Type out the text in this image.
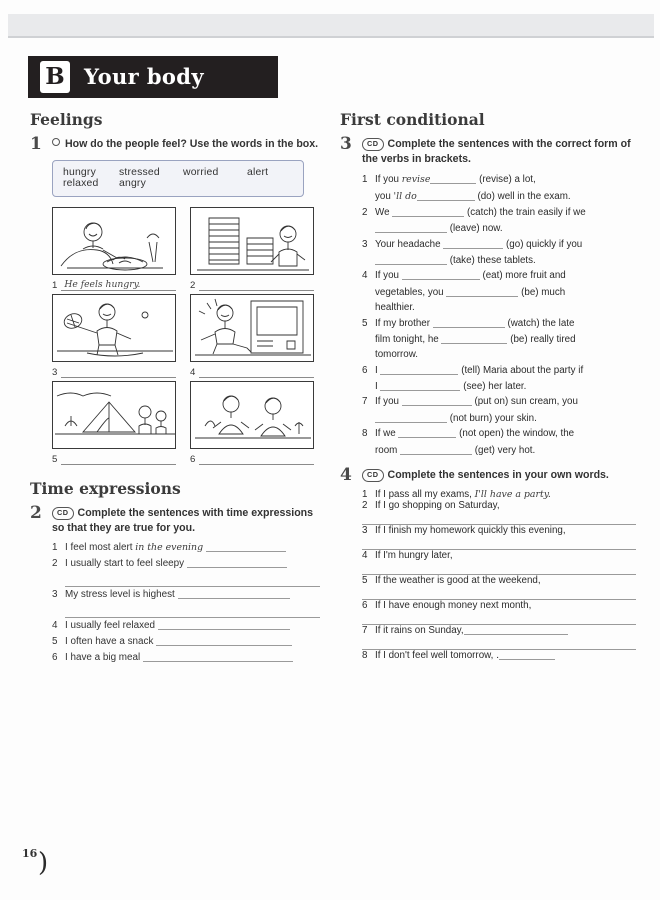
B Your body
Feelings
1	How do the people feel? Use the words in the box.
hungry stressed worried	alert
relaxed angry
1 He feels hungry.	2
3	4
5	6
Time expressions
2	CD Complete the sentences with time expressions so that they are true for you.
1 I feel most alert in the evening
2 I usually start to feel sleepy
3 My stress level is highest
4 I usually feel relaxed
5 I often have a snack
6 I have a big meal
First conditional
3	CD Complete the sentences with the correct form of the verbs in brackets.
1 If you revise	(revise) a lot,
you 'll do	(do) well in the exam.
2 We	(catch) the train easily if we
(leave) now.
3 Your headache	(go) quickly if you
(take) these tablets.
4 If you	(eat) more fruit and
vegetables, you	(be) much
healthier.
5 If my brother	(watch) the late
film tonight, he	(be) really tired
tomorrow.
6 I	(tell) Maria about the party if
I	(see) her later.
7 If you	(put on) sun cream, you
(not burn) your skin.
8 If we	(not open) the window, the
room	(get) very hot.
4	CD Complete the sentences in your own words.
1 If I pass all my exams, I'll have a party.
2 If I go shopping on Saturday,
3 If I finish my homework quickly this evening,
4 If I'm hungry later,
5 If the weather is good at the weekend,
6 If I have enough money next month,
7 If it rains on Sunday,
8 If I don't feel well tomorrow, .
16 )
